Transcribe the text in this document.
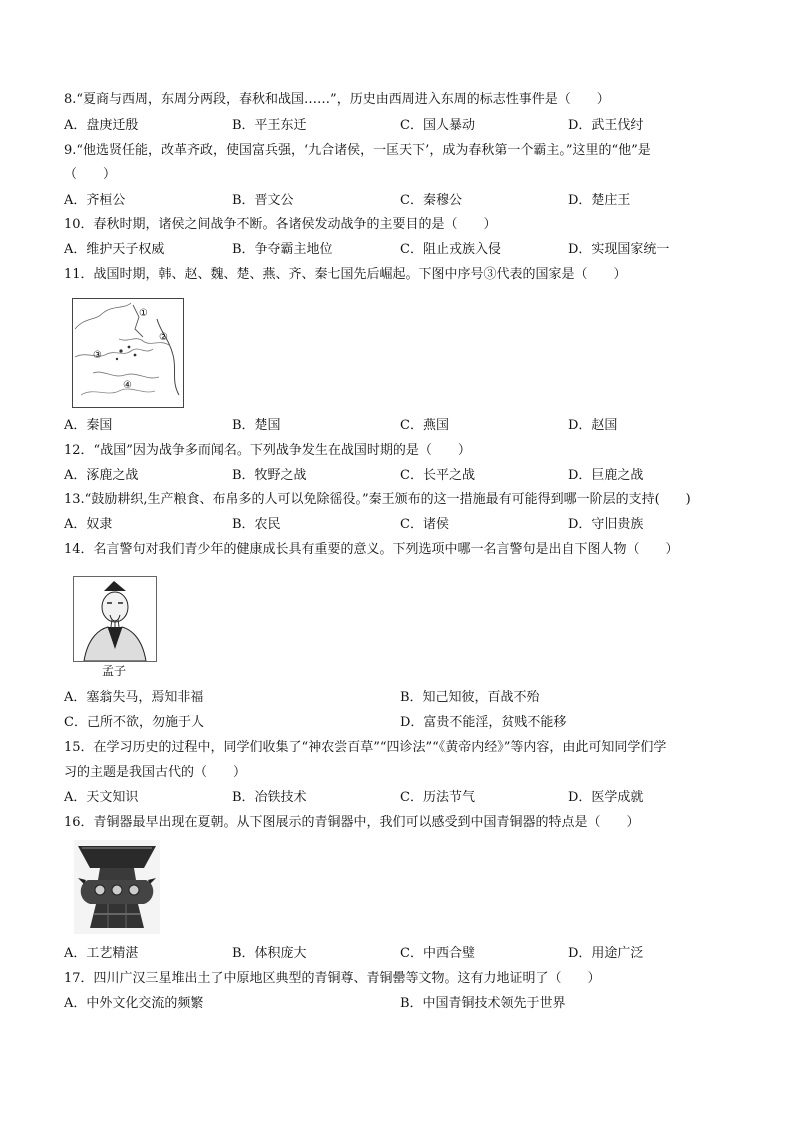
8.“夏商与西周，东周分两段，春秋和战国……”，历史由西周进入东周的标志性事件是（　　）
A．盘庚迁殷	B．平王东迁	C．国人暴动	D．武王伐纣
9.“他选贤任能，改革齐政，使国富兵强，‘九合诸侯，一匡天下’，成为春秋第一个霸主。”这里的“他”是
（　　）
A．齐桓公	B．晋文公	C．秦穆公	D．楚庄王
10．春秋时期，诸侯之间战争不断。各诸侯发动战争的主要目的是（　　）
A．维护天子权威	B．争夺霸主地位	C．阻止戎族入侵	D．实现国家统一
11．战国时期，韩、赵、魏、楚、燕、齐、秦七国先后崛起。下图中序号③代表的国家是（　　）
①
②
③
④
A．秦国	B．楚国	C．燕国	D．赵国
12．“战国”因为战争多而闻名。下列战争发生在战国时期的是（　　）
A．涿鹿之战	B．牧野之战	C．长平之战	D．巨鹿之战
13.“鼓励耕织,生产粮食、布帛多的人可以免除徭役。”秦王颁布的这一措施最有可能得到哪一阶层的支持(　　)
A．奴隶	B．农民	C．诸侯	D．守旧贵族
14．名言警句对我们青少年的健康成长具有重要的意义。下列选项中哪一名言警句是出自下图人物（　　）
孟子
A．塞翁失马，焉知非福	B．知己知彼，百战不殆
C．己所不欲，勿施于人	D．富贵不能淫，贫贱不能移
15．在学习历史的过程中，同学们收集了“神农尝百草”“四诊法”“《黄帝内经》”等内容，由此可知同学们学
习的主题是我国古代的（　　）
A．天文知识	B．冶铁技术	C．历法节气	D．医学成就
16．青铜器最早出现在夏朝。从下图展示的青铜器中，我们可以感受到中国青铜器的特点是（　　）
A．工艺精湛	B．体积庞大	C．中西合璧	D．用途广泛
17．四川广汉三星堆出土了中原地区典型的青铜尊、青铜罍等文物。这有力地证明了（　　）
A．中外文化交流的频繁	B．中国青铜技术领先于世界
